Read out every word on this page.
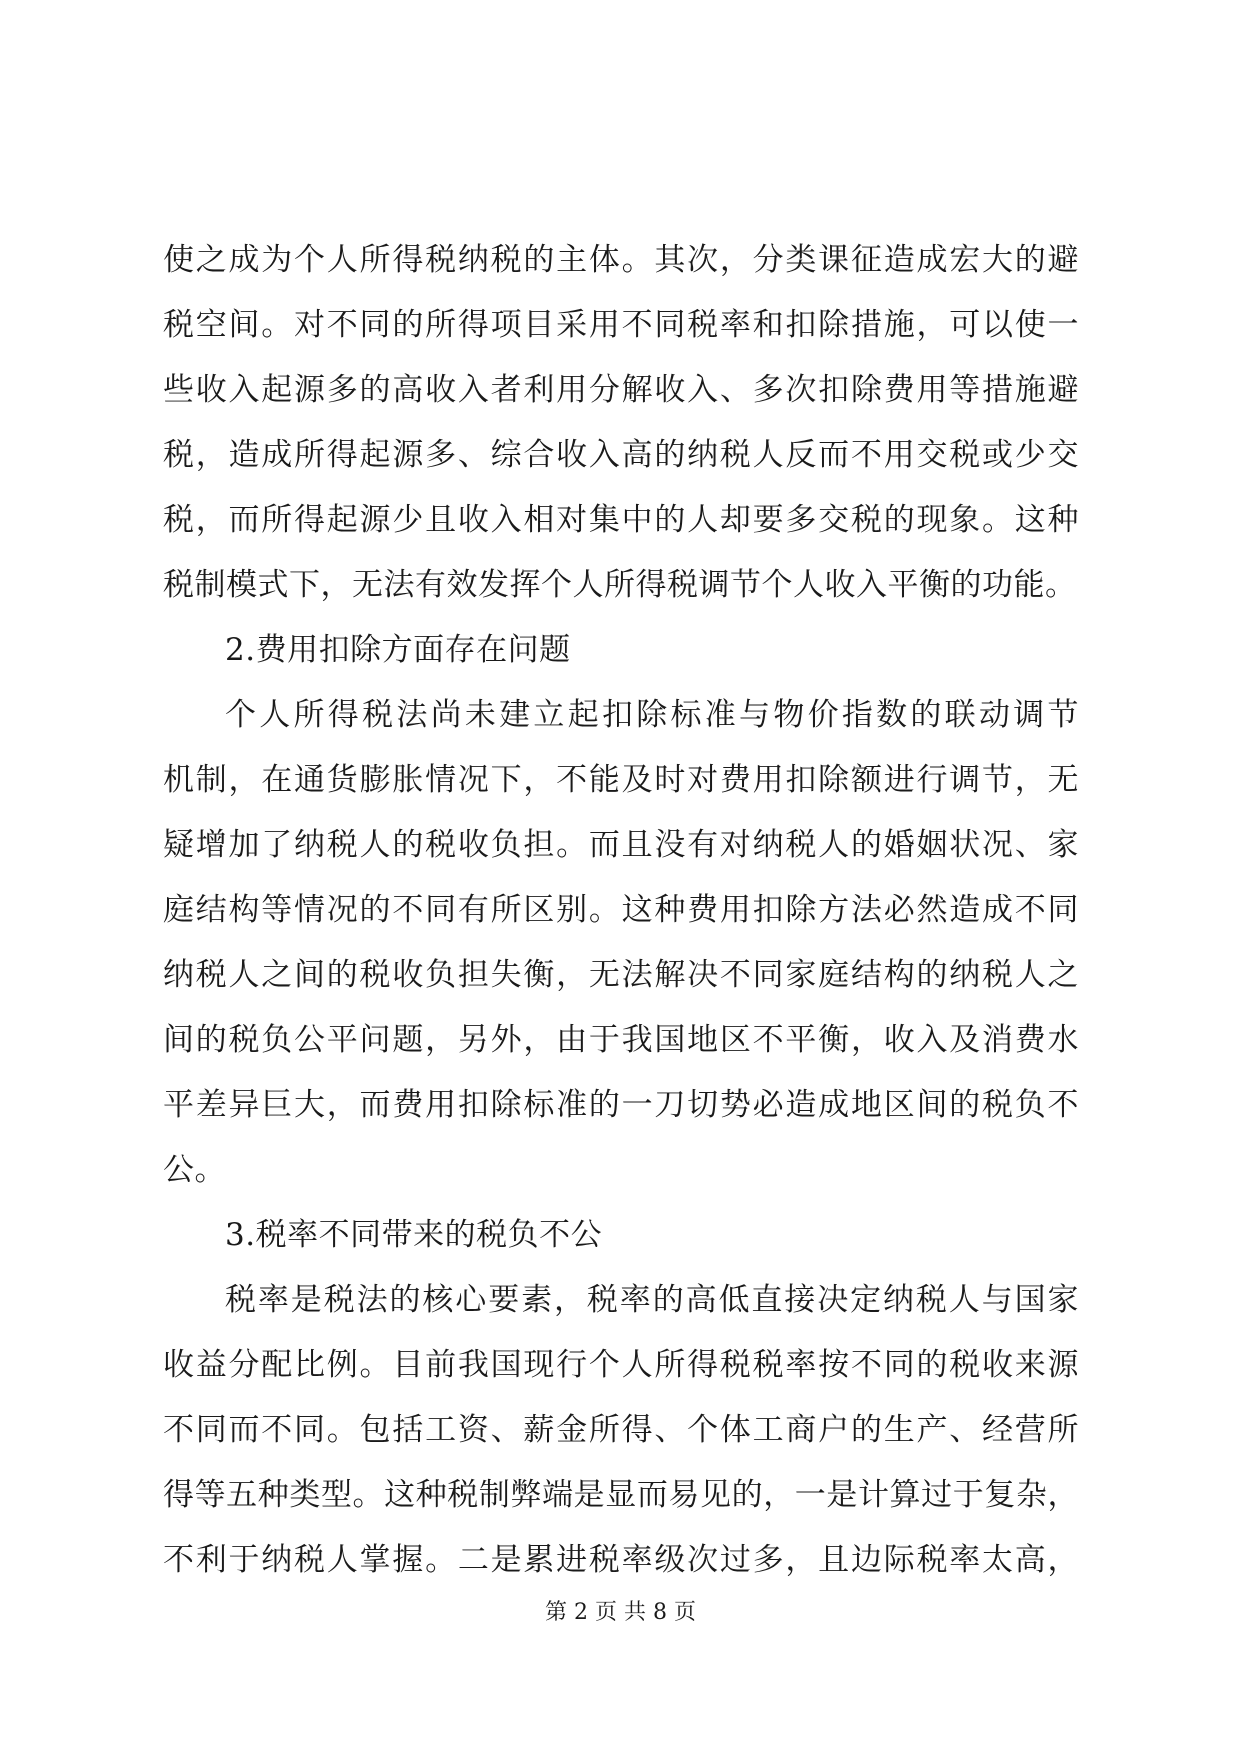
使之成为个人所得税纳税的主体。其次，分类课征造成宏大的避
税空间。对不同的所得项目采用不同税率和扣除措施，可以使一
些收入起源多的高收入者利用分解收入、多次扣除费用等措施避
税，造成所得起源多、综合收入高的纳税人反而不用交税或少交
税，而所得起源少且收入相对集中的人却要多交税的现象。这种
税制模式下，无法有效发挥个人所得税调节个人收入平衡的功能。
2.费用扣除方面存在问题
个人所得税法尚未建立起扣除标准与物价指数的联动调节
机制，在通货膨胀情况下，不能及时对费用扣除额进行调节，无
疑增加了纳税人的税收负担。而且没有对纳税人的婚姻状况、家
庭结构等情况的不同有所区别。这种费用扣除方法必然造成不同
纳税人之间的税收负担失衡，无法解决不同家庭结构的纳税人之
间的税负公平问题，另外，由于我国地区不平衡，收入及消费水
平差异巨大，而费用扣除标准的一刀切势必造成地区间的税负不
公。
3.税率不同带来的税负不公
税率是税法的核心要素，税率的高低直接决定纳税人与国家
收益分配比例。目前我国现行个人所得税税率按不同的税收来源
不同而不同。包括工资、薪金所得、个体工商户的生产、经营所
得等五种类型。这种税制弊端是显而易见的，一是计算过于复杂，
不利于纳税人掌握。二是累进税率级次过多，且边际税率太高，
第 2 页 共 8 页
